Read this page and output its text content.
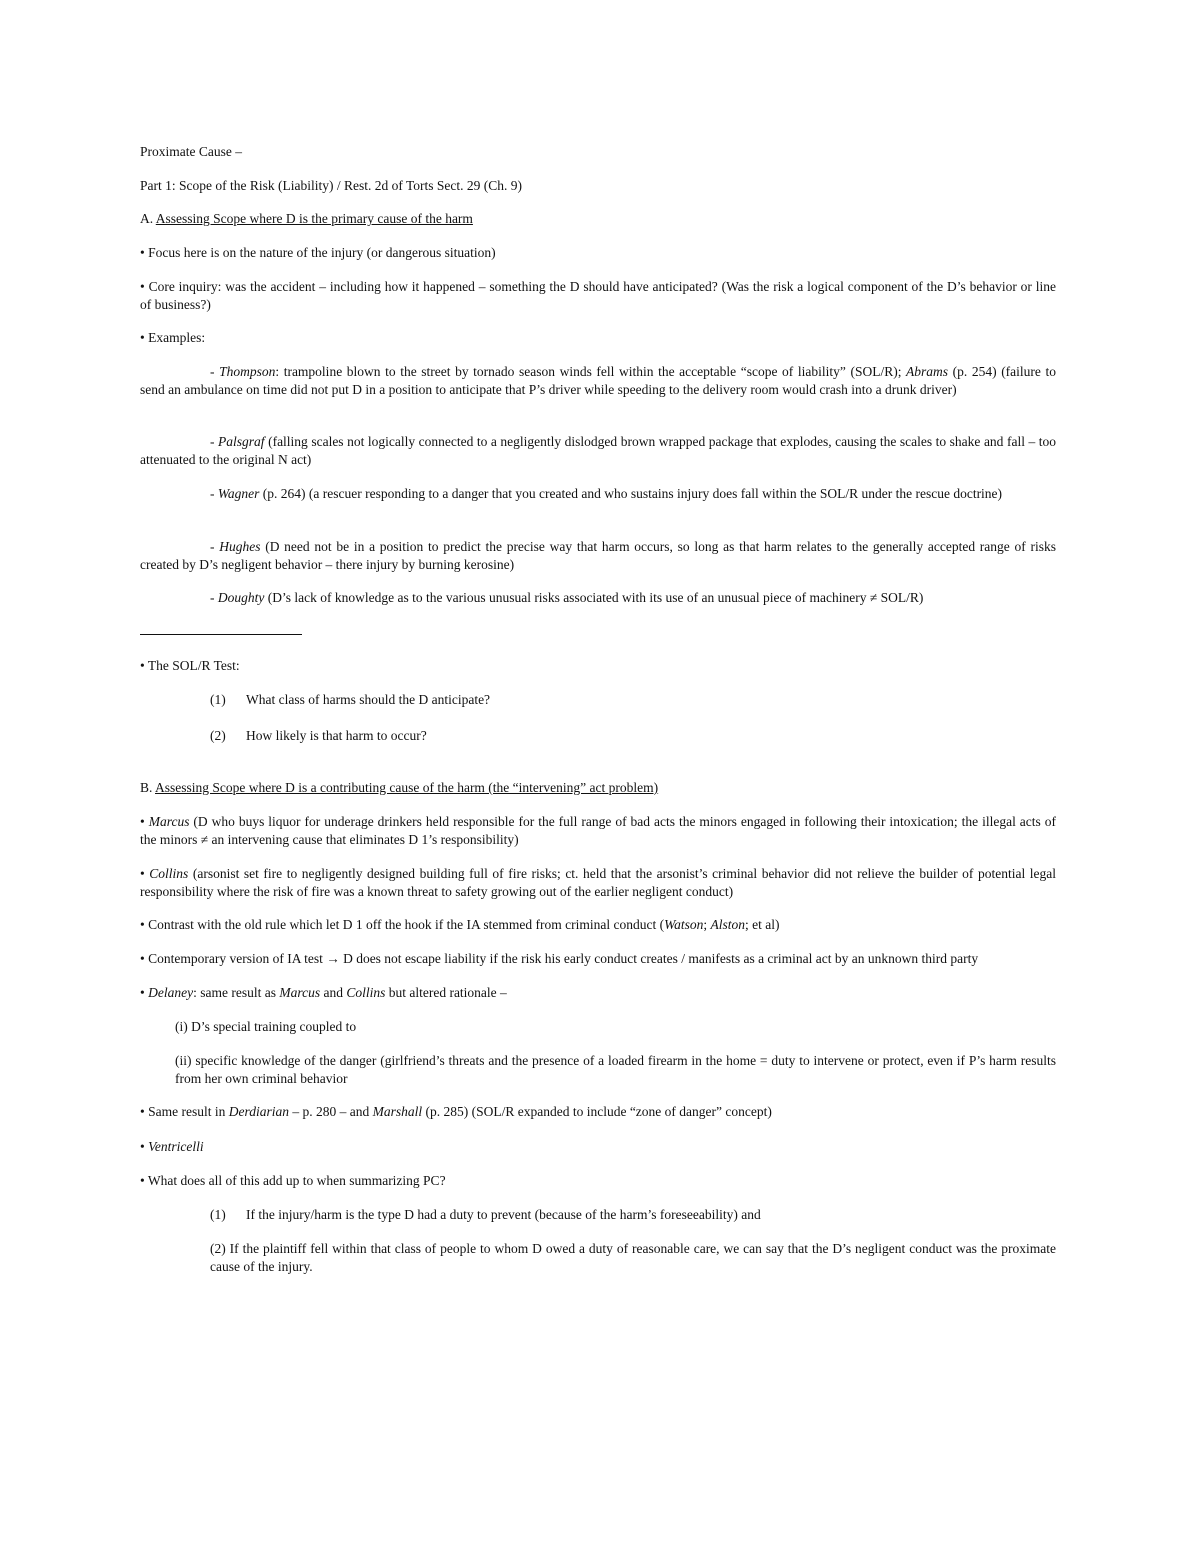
Proximate Cause –
Part 1: Scope of the Risk (Liability) / Rest. 2d of Torts Sect. 29 (Ch. 9)
A. Assessing Scope where D is the primary cause of the harm
• Focus here is on the nature of the injury (or dangerous situation)
• Core inquiry: was the accident – including how it happened – something the D should have anticipated? (Was the risk a logical component of the D’s behavior or line of business?)
• Examples:
- Thompson: trampoline blown to the street by tornado season winds fell within the acceptable “scope of liability” (SOL/R); Abrams (p. 254) (failure to send an ambulance on time did not put D in a position to anticipate that P’s driver while speeding to the delivery room would crash into a drunk driver)
- Palsgraf (falling scales not logically connected to a negligently dislodged brown wrapped package that explodes, causing the scales to shake and fall – too attenuated to the original N act)
- Wagner (p. 264) (a rescuer responding to a danger that you created and who sustains injury does fall within the SOL/R under the rescue doctrine)
- Hughes (D need not be in a position to predict the precise way that harm occurs, so long as that harm relates to the generally accepted range of risks created by D’s negligent behavior – there injury by burning kerosine)
- Doughty (D’s lack of knowledge as to the various unusual risks associated with its use of an unusual piece of machinery ≠ SOL/R)
• The SOL/R Test:
(1) What class of harms should the D anticipate?
(2) How likely is that harm to occur?
B. Assessing Scope where D is a contributing cause of the harm (the “intervening” act problem)
• Marcus (D who buys liquor for underage drinkers held responsible for the full range of bad acts the minors engaged in following their intoxication; the illegal acts of the minors ≠ an intervening cause that eliminates D 1’s responsibility)
• Collins (arsonist set fire to negligently designed building full of fire risks; ct. held that the arsonist’s criminal behavior did not relieve the builder of potential legal responsibility where the risk of fire was a known threat to safety growing out of the earlier negligent conduct)
• Contrast with the old rule which let D 1 off the hook if the IA stemmed from criminal conduct (Watson; Alston; et al)
• Contemporary version of IA test → D does not escape liability if the risk his early conduct creates / manifests as a criminal act by an unknown third party
• Delaney: same result as Marcus and Collins but altered rationale –
(i) D’s special training coupled to
(ii) specific knowledge of the danger (girlfriend’s threats and the presence of a loaded firearm in the home = duty to intervene or protect, even if P’s harm results from her own criminal behavior
• Same result in Derdiarian – p. 280 – and Marshall (p. 285) (SOL/R expanded to include “zone of danger” concept)
• Ventricelli
• What does all of this add up to when summarizing PC?
(1) If the injury/harm is the type D had a duty to prevent (because of the harm’s foreseeability) and
(2) If the plaintiff fell within that class of people to whom D owed a duty of reasonable care, we can say that the D’s negligent conduct was the proximate cause of the injury.
